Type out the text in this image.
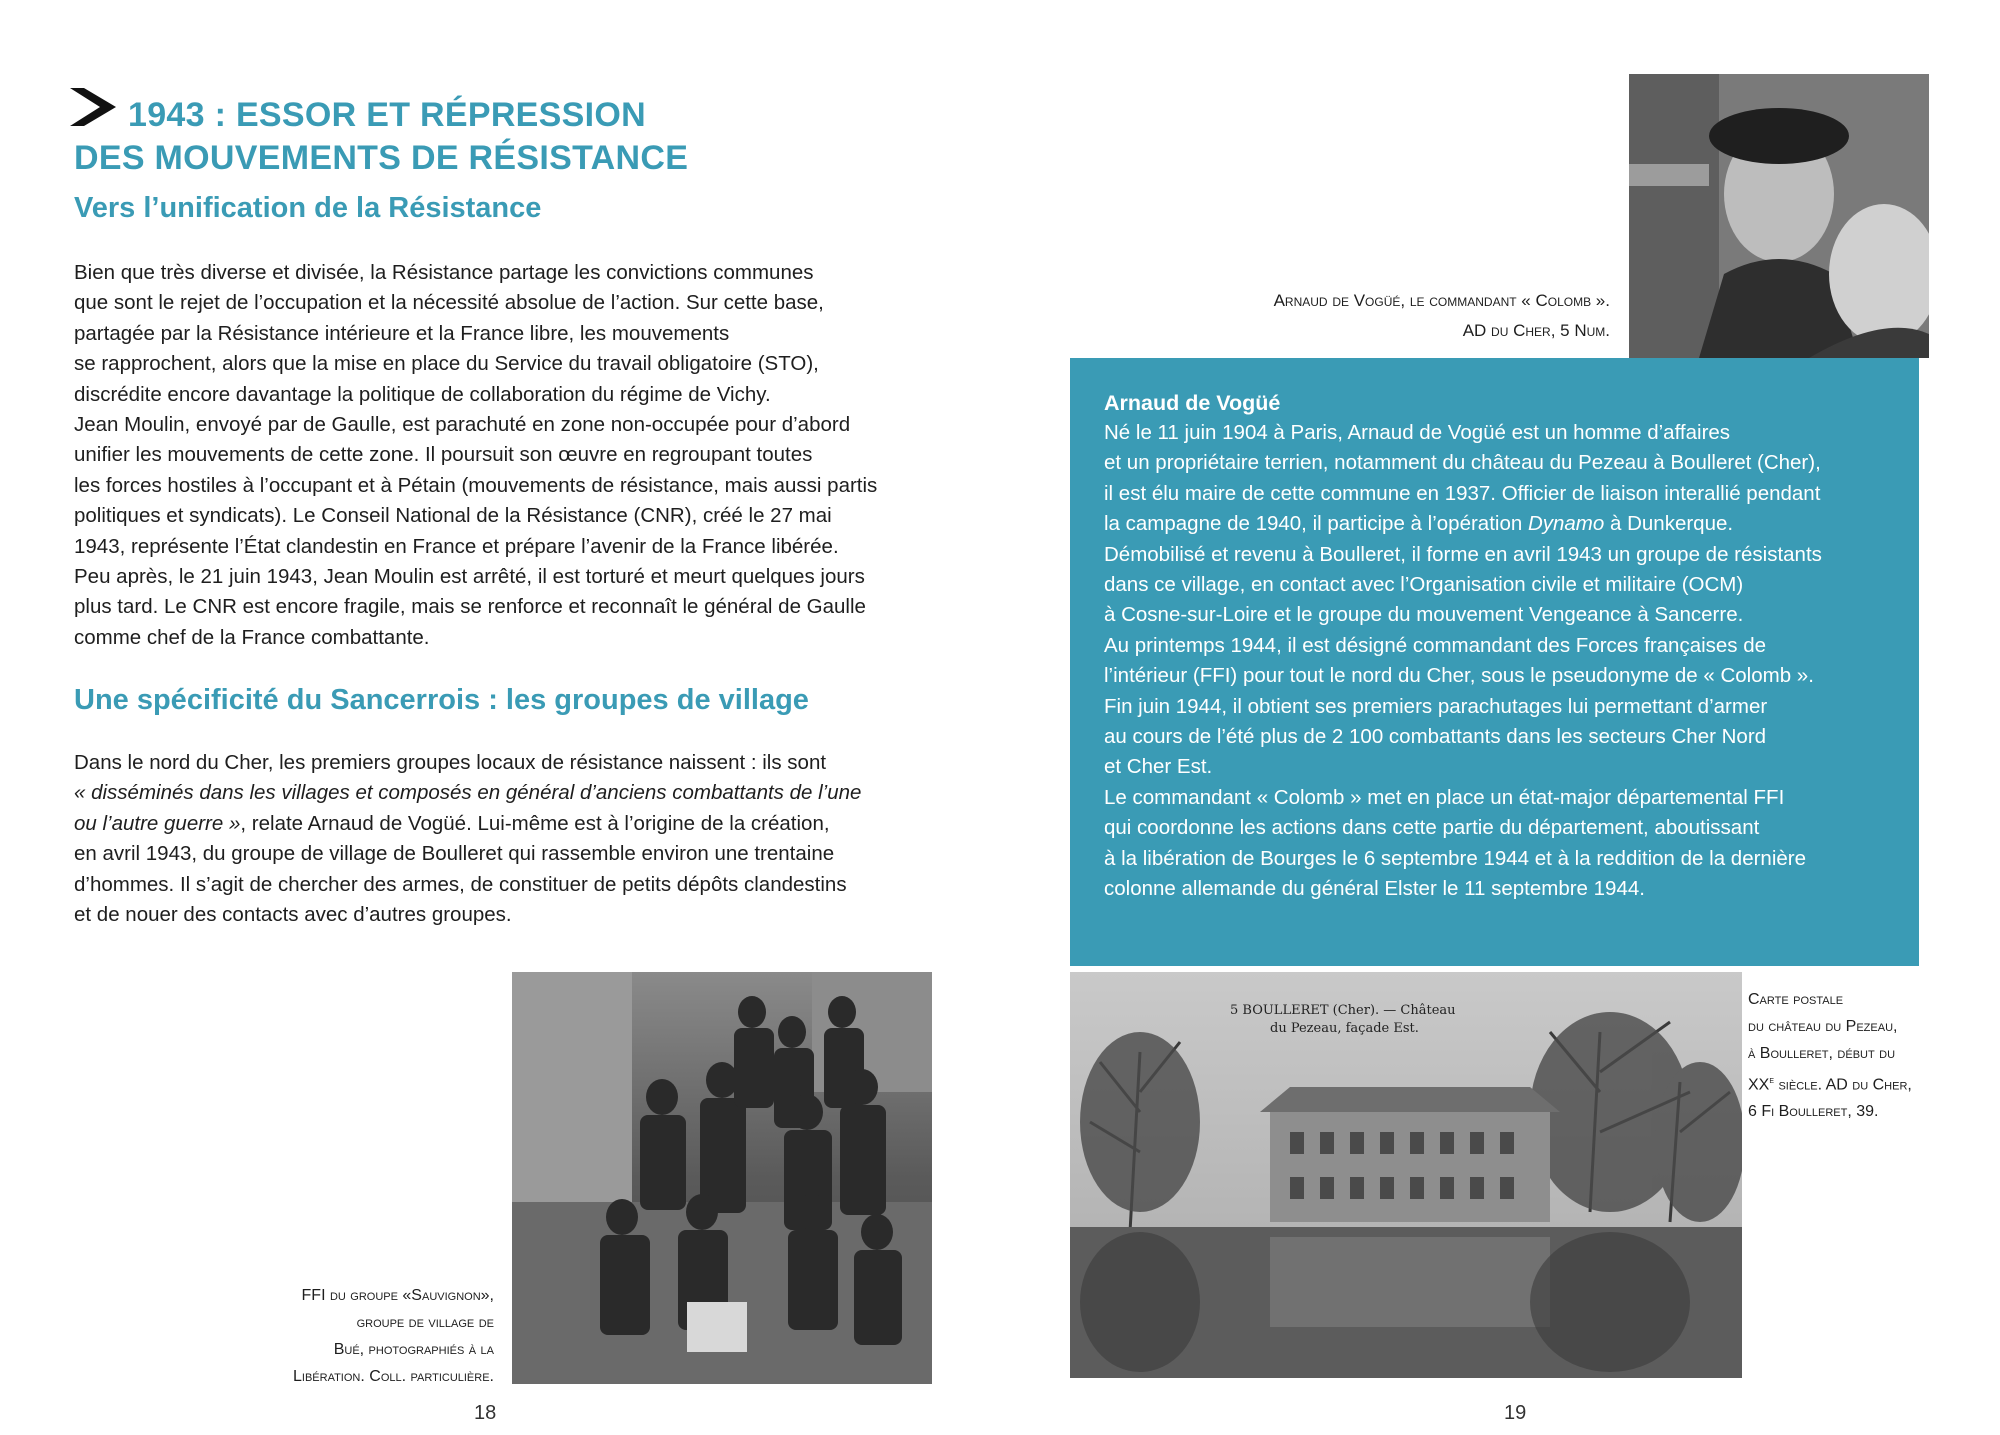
1943 : ESSOR ET RÉPRESSION
DES MOUVEMENTS DE RÉSISTANCE
Vers l’unification de la Résistance
Bien que très diverse et divisée, la Résistance partage les convictions communes
que sont le rejet de l’occupation et la nécessité absolue de l’action. Sur cette base,
partagée par la Résistance intérieure et la France libre, les mouvements
se rapprochent, alors que la mise en place du Service du travail obligatoire (STO),
discrédite encore davantage la politique de collaboration du régime de Vichy.
Jean Moulin, envoyé par de Gaulle, est parachuté en zone non-occupée pour d’abord
unifier les mouvements de cette zone. Il poursuit son œuvre en regroupant toutes
les forces hostiles à l’occupant et à Pétain (mouvements de résistance, mais aussi partis
politiques et syndicats). Le Conseil National de la Résistance (CNR), créé le 27 mai
1943, représente l’État clandestin en France et prépare l’avenir de la France libérée.
Peu après, le 21 juin 1943, Jean Moulin est arrêté, il est torturé et meurt quelques jours
plus tard. Le CNR est encore fragile, mais se renforce et reconnaît le général de Gaulle
comme chef de la France combattante.
Une spécificité du Sancerrois : les groupes de village
Dans le nord du Cher, les premiers groupes locaux de résistance naissent : ils sont
« disséminés dans les villages et composés en général d’anciens combattants de l’une
ou l’autre guerre », relate Arnaud de Vogüé. Lui-même est à l’origine de la création,
en avril 1943, du groupe de village de Boulleret qui rassemble environ une trentaine
d’hommes. Il s’agit de chercher des armes, de constituer de petits dépôts clandestins
et de nouer des contacts avec d’autres groupes.
FFI du groupe «Sauvignon»,
groupe de village de
Bué, photographiés à la
Libération. Coll. particulière.
18
Arnaud de Vogüé, le commandant « Colomb ».
AD du Cher, 5 Num.
Arnaud de Vogüé
Né le 11 juin 1904 à Paris, Arnaud de Vogüé est un homme d’affaires
et un propriétaire terrien, notamment du château du Pezeau à Boulleret (Cher),
il est élu maire de cette commune en 1937. Officier de liaison interallié pendant
la campagne de 1940, il participe à l’opération Dynamo à Dunkerque.
Démobilisé et revenu à Boulleret, il forme en avril 1943 un groupe de résistants
dans ce village, en contact avec l’Organisation civile et militaire (OCM)
à Cosne-sur-Loire et le groupe du mouvement Vengeance à Sancerre.
Au printemps 1944, il est désigné commandant des Forces françaises de
l’intérieur (FFI) pour tout le nord du Cher, sous le pseudonyme de « Colomb ».
Fin juin 1944, il obtient ses premiers parachutages lui permettant d’armer
au cours de l’été plus de 2 100 combattants dans les secteurs Cher Nord
et Cher Est.
Le commandant « Colomb » met en place un état-major départemental FFI
qui coordonne les actions dans cette partie du département, aboutissant
à la libération de Bourges le 6 septembre 1944 et à la reddition de la dernière
colonne allemande du général Elster le 11 septembre 1944.
5 BOULLERET (Cher). — Château
du Pezeau, façade Est.
Carte postale
du château du Pezeau,
à Boulleret, début du
XXe siècle. AD du Cher,
6 Fi Boulleret, 39.
19
